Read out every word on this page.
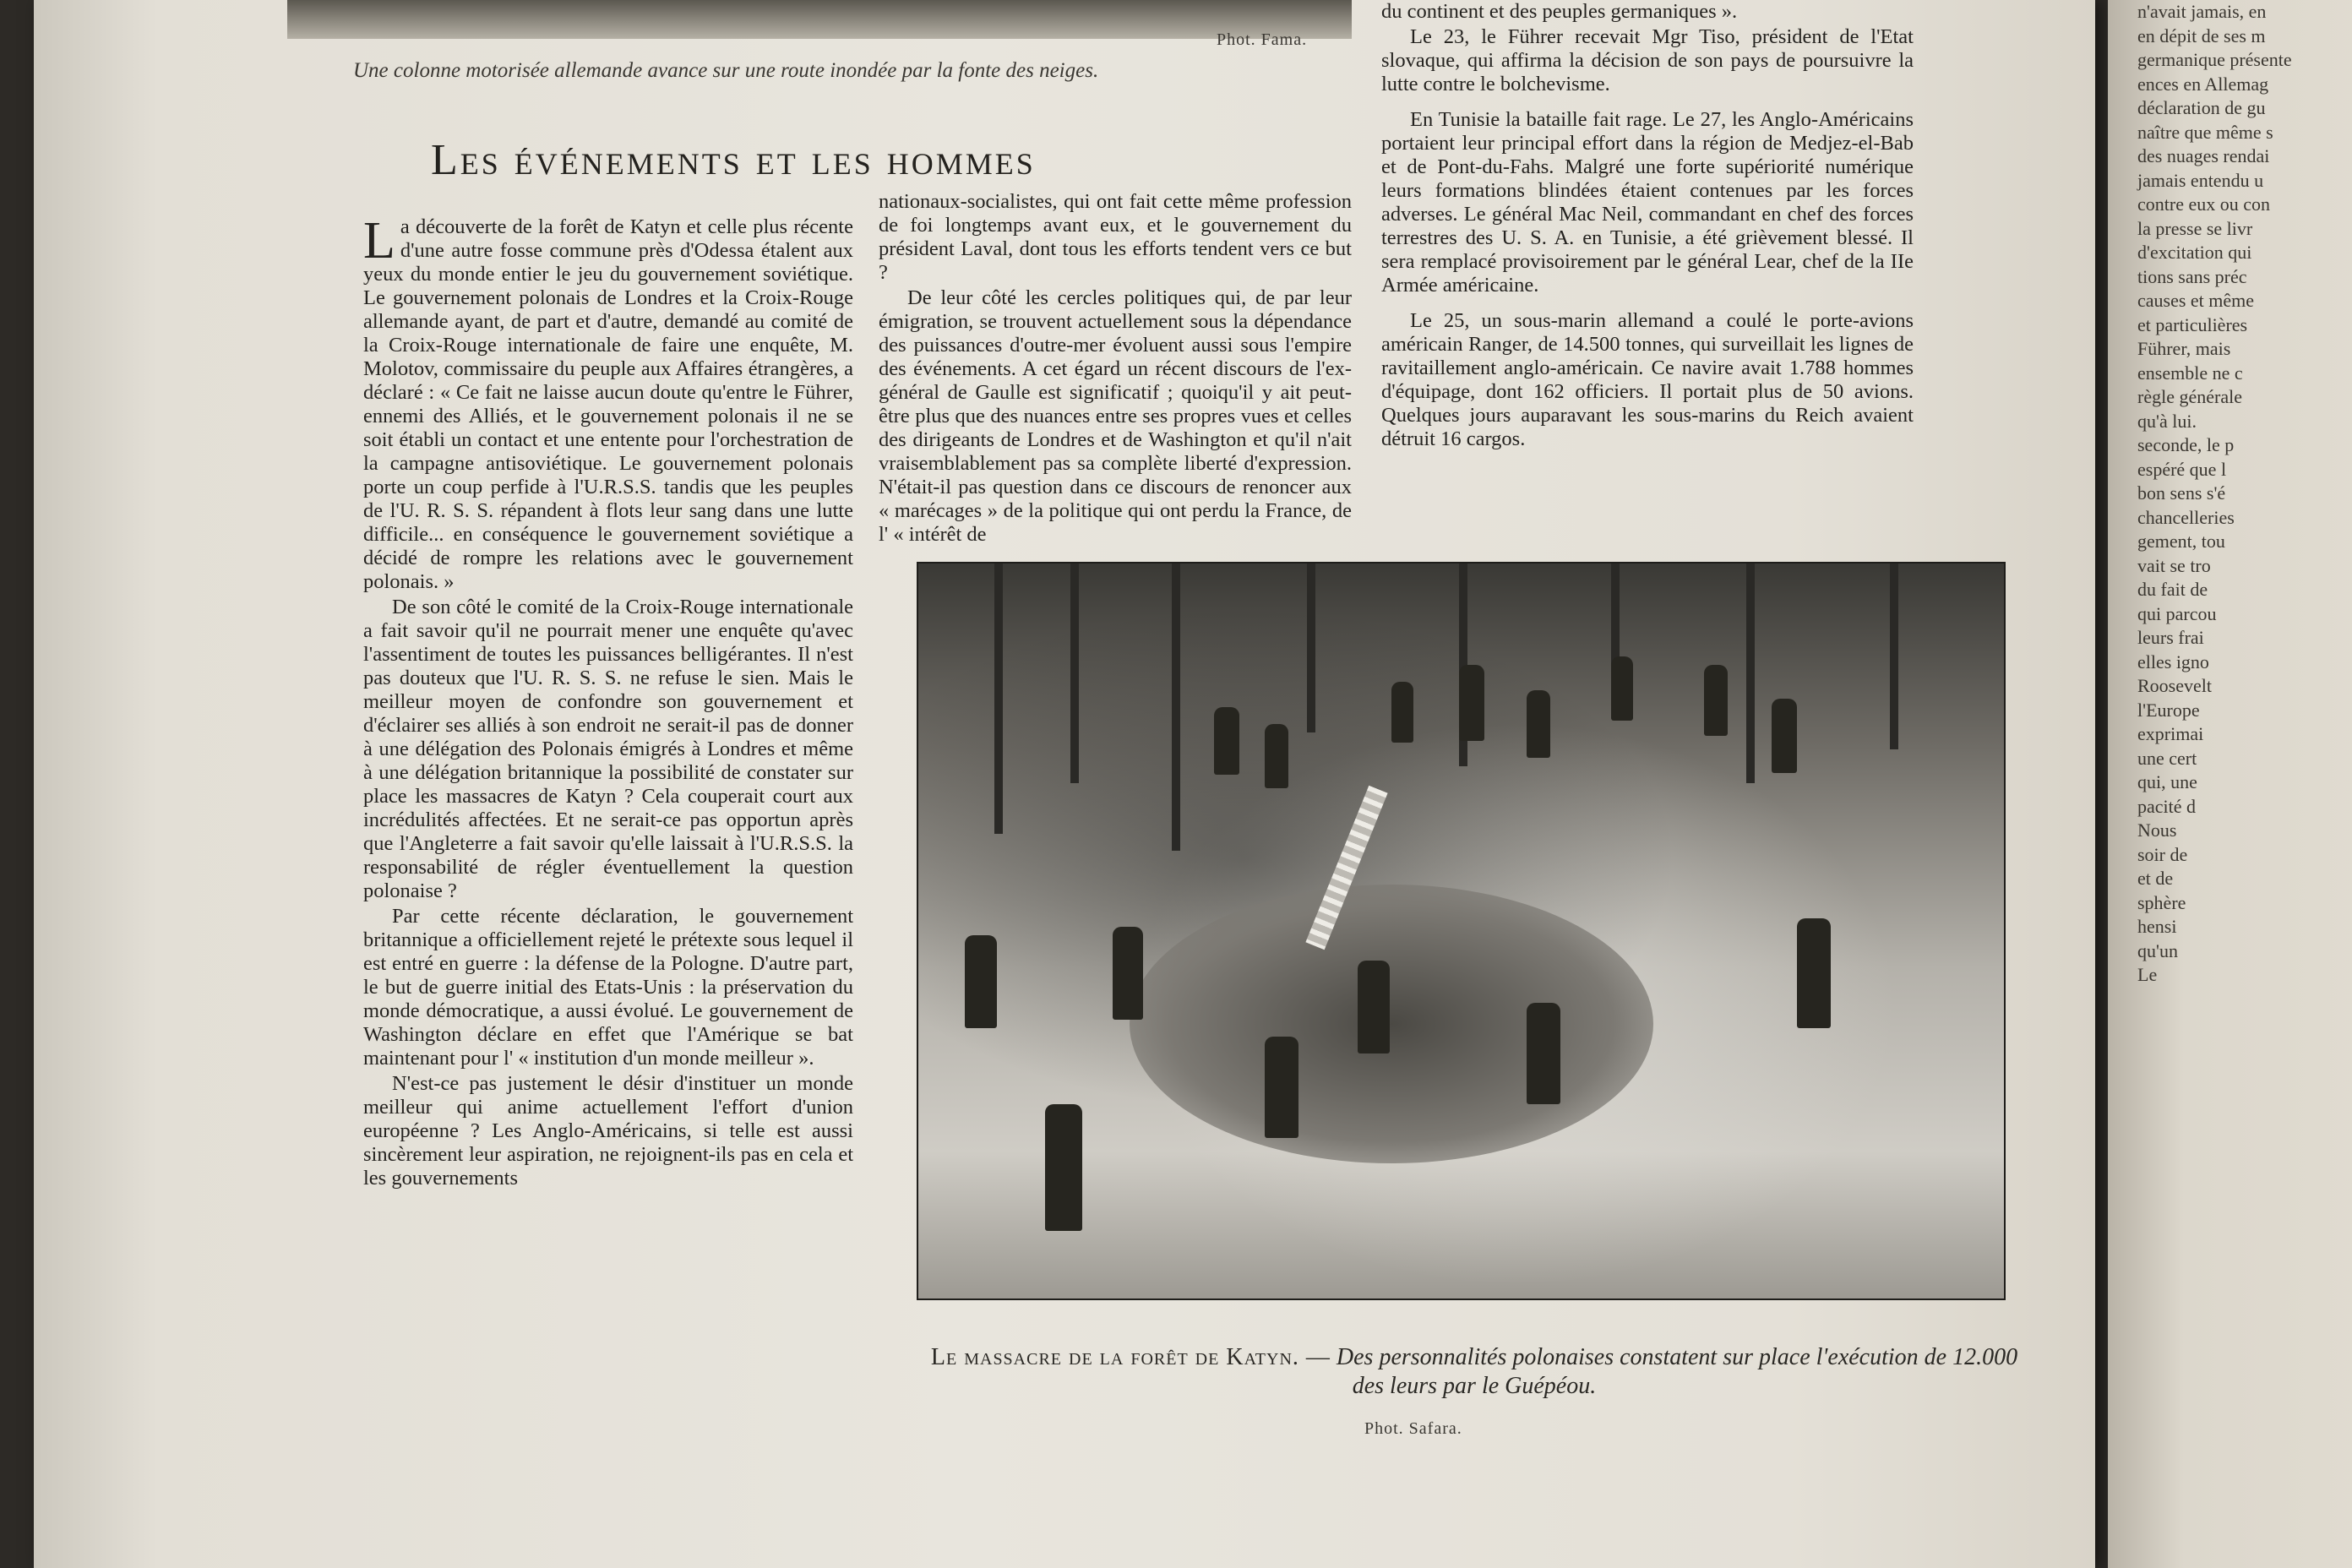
Phot. Fama.
Une colonne motorisée allemande avance sur une route inondée par la fonte des neiges.
Les événements et les hommes

La découverte de la forêt de Katyn et celle plus récente d'une autre fosse commune près d'Odessa étalent aux yeux du monde entier le jeu du gouvernement soviétique. Le gouvernement polonais de Londres et la Croix-Rouge allemande ayant, de part et d'autre, demandé au comité de la Croix-Rouge internationale de faire une enquête, M. Molotov, commissaire du peuple aux Affaires étrangères, a déclaré : « Ce fait ne laisse aucun doute qu'entre le Führer, ennemi des Alliés, et le gouvernement polonais il ne se soit établi un contact et une entente pour l'orchestration de la campagne antisoviétique. Le gouvernement polonais porte un coup perfide à l'U.R.S.S. tandis que les peuples de l'U. R. S. S. répandent à flots leur sang dans une lutte difficile... en conséquence le gouvernement soviétique a décidé de rompre les relations avec le gouvernement polonais. »

De son côté le comité de la Croix-Rouge internationale a fait savoir qu'il ne pourrait mener une enquête qu'avec l'assentiment de toutes les puissances belligérantes. Il n'est pas douteux que l'U. R. S. S. ne refuse le sien. Mais le meilleur moyen de confondre son gouvernement et d'éclairer ses alliés à son endroit ne serait-il pas de donner à une délégation des Polonais émigrés à Londres et même à une délégation britannique la possibilité de constater sur place les massacres de Katyn ? Cela couperait court aux incrédulités affectées. Et ne serait-ce pas opportun après que l'Angleterre a fait savoir qu'elle laissait à l'U.R.S.S. la responsabilité de régler éventuellement la question polonaise ?

Par cette récente déclaration, le gouvernement britannique a officiellement rejeté le prétexte sous lequel il est entré en guerre : la défense de la Pologne. D'autre part, le but de guerre initial des Etats-Unis : la préservation du monde démocratique, a aussi évolué. Le gouvernement de Washington déclare en effet que l'Amérique se bat maintenant pour l' « institution d'un monde meilleur ».

N'est-ce pas justement le désir d'instituer un monde meilleur qui anime actuellement l'effort d'union européenne ? Les Anglo-Américains, si telle est aussi sincèrement leur aspiration, ne rejoignent-ils pas en cela et les gouvernements

nationaux-socialistes, qui ont fait cette même profession de foi longtemps avant eux, et le gouvernement du président Laval, dont tous les efforts tendent vers ce but ?

De leur côté les cercles politiques qui, de par leur émigration, se trouvent actuellement sous la dépendance des puissances d'outre-mer évoluent aussi sous l'empire des événements. A cet égard un récent discours de l'ex-général de Gaulle est significatif ; quoiqu'il y ait peut-être plus que des nuances entre ses propres vues et celles des dirigeants de Londres et de Washington et qu'il n'ait vraisemblablement pas sa complète liberté d'expression. N'était-il pas question dans ce discours de renoncer aux « marécages » de la politique qui ont perdu la France, de l' « intérêt de

du continent et des peuples germaniques ».

Le 23, le Führer recevait Mgr Tiso, président de l'Etat slovaque, qui affirma la décision de son pays de poursuivre la lutte contre le bolchevisme.

En Tunisie la bataille fait rage. Le 27, les Anglo-Américains portaient leur principal effort dans la région de Medjez-el-Bab et de Pont-du-Fahs. Malgré une forte supériorité numérique leurs formations blindées étaient contenues par les forces adverses. Le général Mac Neil, commandant en chef des forces terrestres des U. S. A. en Tunisie, a été grièvement blessé. Il sera remplacé provisoirement par le général Lear, chef de la IIe Armée américaine.

Le 25, un sous-marin allemand a coulé le porte-avions américain Ranger, de 14.500 tonnes, qui surveillait les lignes de ravitaillement anglo-américain. Ce navire avait 1.788 hommes d'équipage, dont 162 officiers. Il portait plus de 50 avions. Quelques jours auparavant les sous-marins du Reich avaient détruit 16 cargos.

Le massacre de la forêt de Katyn. — Des personnalités polonaises constatent sur place l'exécution de 12.000 des leurs par le Guépéou.
Phot. Safara.
n'avait jamais, en
en dépit de ses m
germanique présente
ences en Allemag
déclaration de gu
naître que même s
des nuages rendai
jamais entendu u
contre eux ou con
la presse se livr
d'excitation qui
tions sans préc
causes et même
et particulières
Führer, mais
ensemble ne c
règle générale
qu'à lui.
seconde, le p
espéré que l
bon sens s'é
chancelleries
gement, tou
vait se tro
du fait de
qui parcou
leurs frai
elles igno
Roosevelt
l'Europe
exprimai
une cert
qui, une
pacité d
Nous
soir de
et de
sphère
hensi
qu'un
Le
